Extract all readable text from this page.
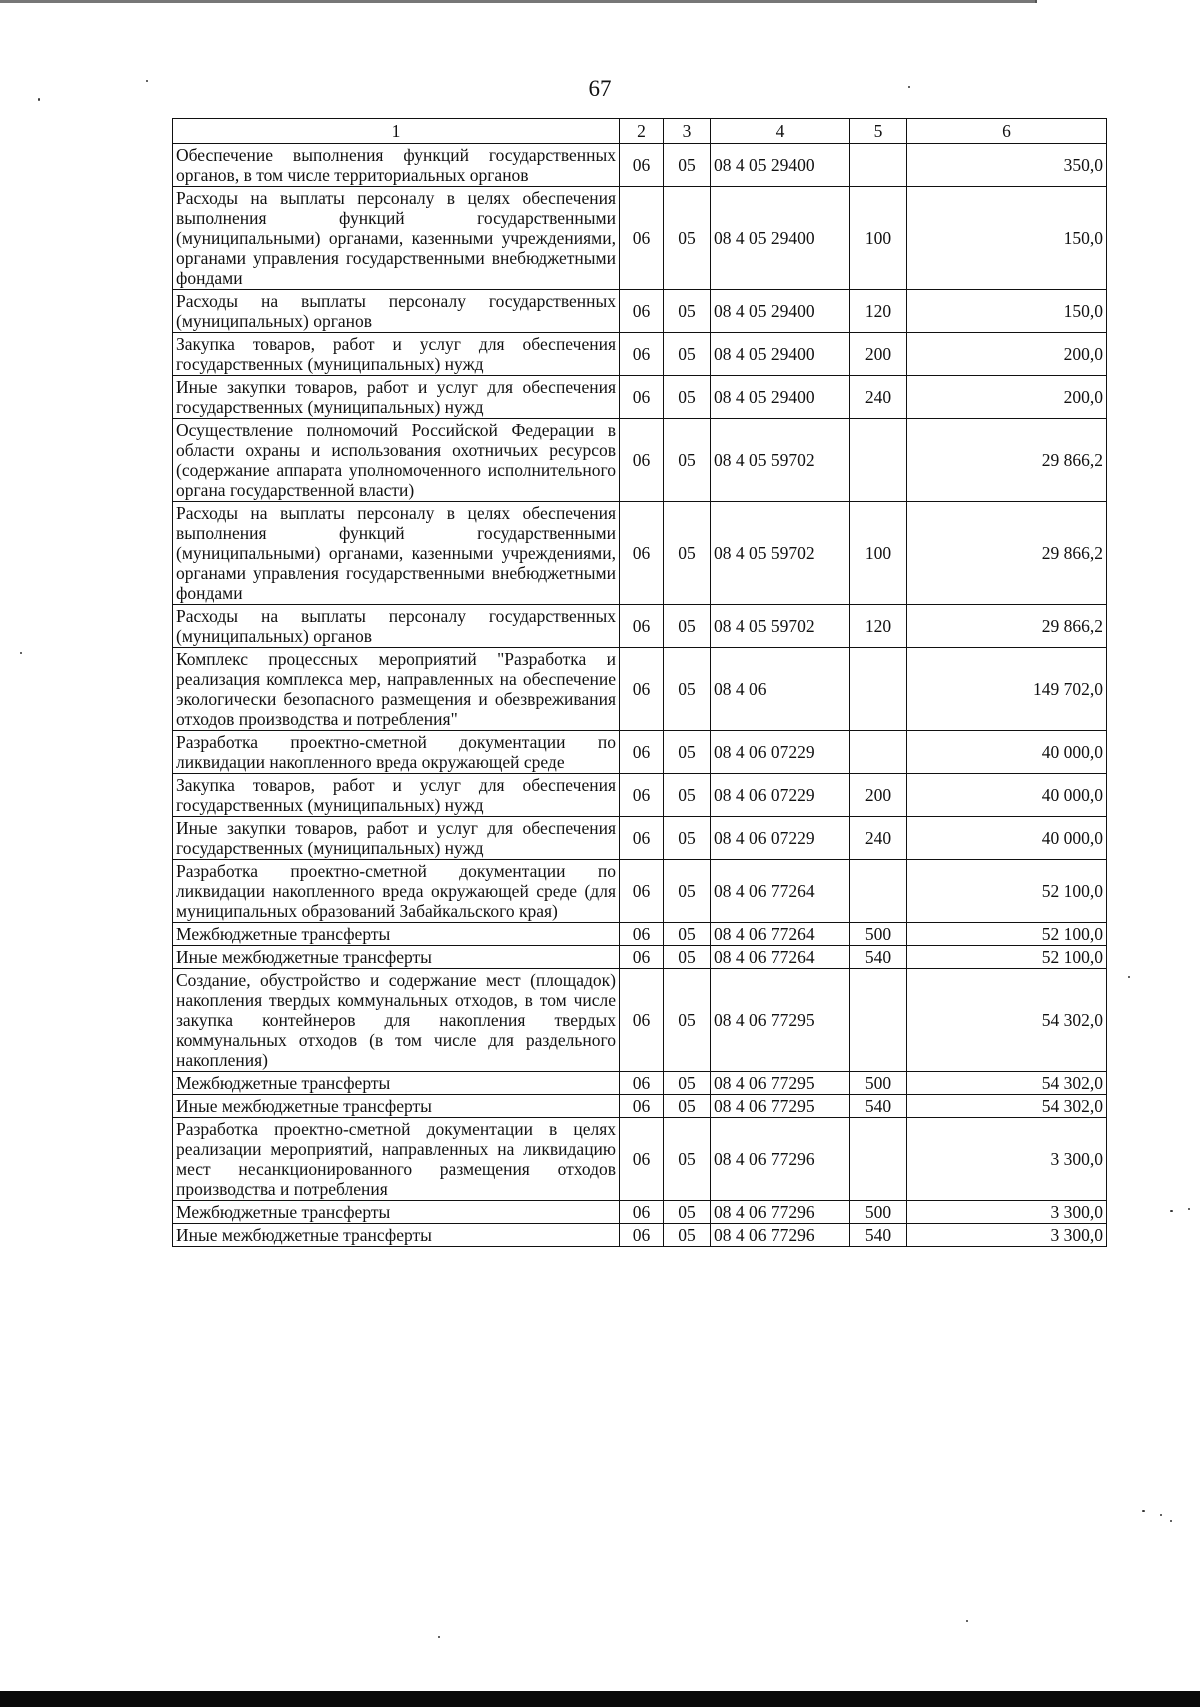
67
1	2	3	4	5	6
Обеспечение выполнения функций государственных органов, в том числе территориальных органов	06	05	08 4 05 29400		350,0
Расходы на выплаты персоналу в целях обеспечения выполнения функций государственными (муниципальными) органами, казенными учреждениями, органами управления государственными внебюджетными фондами	06	05	08 4 05 29400	100	150,0
Расходы на выплаты персоналу государственных (муниципальных) органов	06	05	08 4 05 29400	120	150,0
Закупка товаров, работ и услуг для обеспечения государственных (муниципальных) нужд	06	05	08 4 05 29400	200	200,0
Иные закупки товаров, работ и услуг для обеспечения государственных (муниципальных) нужд	06	05	08 4 05 29400	240	200,0
Осуществление полномочий Российской Федерации в области охраны и использования охотничьих ресурсов (содержание аппарата уполномоченного исполнительного органа государственной власти)	06	05	08 4 05 59702		29 866,2
Расходы на выплаты персоналу в целях обеспечения выполнения функций государственными (муниципальными) органами, казенными учреждениями, органами управления государственными внебюджетными фондами	06	05	08 4 05 59702	100	29 866,2
Расходы на выплаты персоналу государственных (муниципальных) органов	06	05	08 4 05 59702	120	29 866,2
Комплекс процессных мероприятий "Разработка и реализация комплекса мер, направленных на обеспечение экологически безопасного размещения и обезвреживания отходов производства и потребления"	06	05	08 4 06		149 702,0
Разработка проектно-сметной документации по ликвидации накопленного вреда окружающей среде	06	05	08 4 06 07229		40 000,0
Закупка товаров, работ и услуг для обеспечения государственных (муниципальных) нужд	06	05	08 4 06 07229	200	40 000,0
Иные закупки товаров, работ и услуг для обеспечения государственных (муниципальных) нужд	06	05	08 4 06 07229	240	40 000,0
Разработка проектно-сметной документации по ликвидации накопленного вреда окружающей среде (для муниципальных образований Забайкальского края)	06	05	08 4 06 77264		52 100,0
Межбюджетные трансферты	06	05	08 4 06 77264	500	52 100,0
Иные межбюджетные трансферты	06	05	08 4 06 77264	540	52 100,0
Создание, обустройство и содержание мест (площадок) накопления твердых коммунальных отходов, в том числе закупка контейнеров для накопления твердых коммунальных отходов (в том числе для раздельного накопления)	06	05	08 4 06 77295		54 302,0
Межбюджетные трансферты	06	05	08 4 06 77295	500	54 302,0
Иные межбюджетные трансферты	06	05	08 4 06 77295	540	54 302,0
Разработка проектно-сметной документации в целях реализации мероприятий, направленных на ликвидацию мест несанкционированного размещения отходов производства и потребления	06	05	08 4 06 77296		3 300,0
Межбюджетные трансферты	06	05	08 4 06 77296	500	3 300,0
Иные межбюджетные трансферты	06	05	08 4 06 77296	540	3 300,0
